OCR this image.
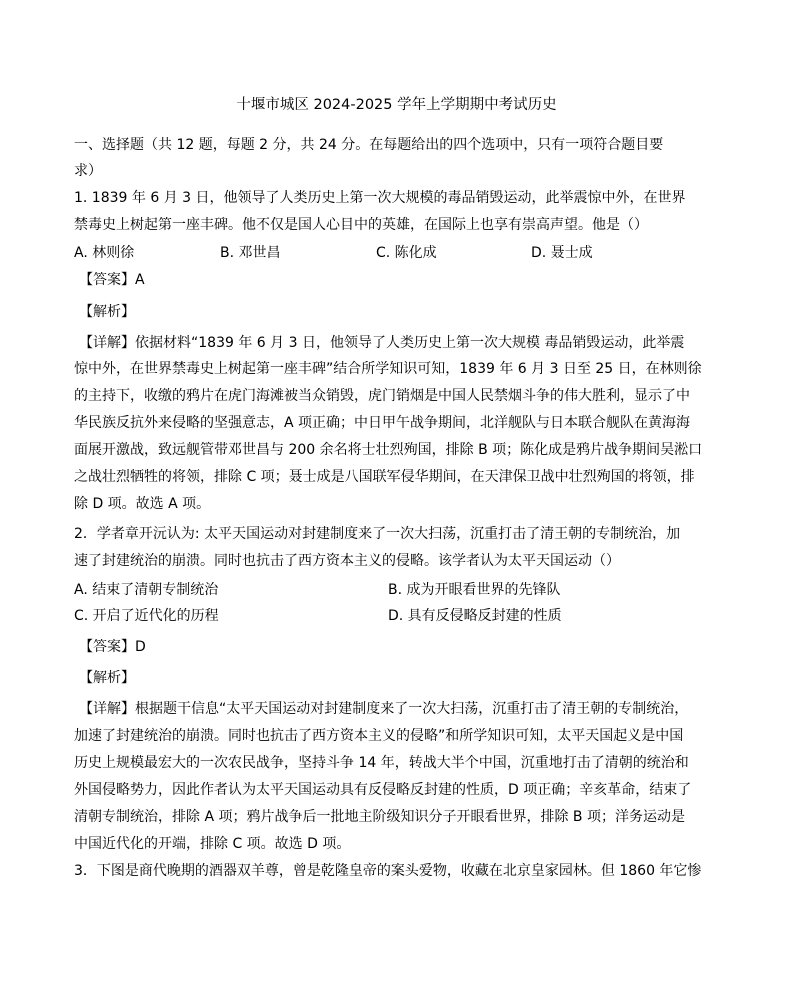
十堰市城区 2024-2025 学年上学期期中考试历史
一、选择题（共 12 题，每题 2 分，共 24 分。在每题给出的四个选项中，只有一项符合题目要
求）
1. 1839 年 6 月 3 日，他领导了人类历史上第一次大规模的毒品销毁运动，此举震惊中外，在世界
禁毒史上树起第一座丰碑。他不仅是国人心目中的英雄，在国际上也享有崇高声望。他是（）
A. 林则徐	B. 邓世昌	C. 陈化成	D. 聂士成
【答案】A
【解析】
【详解】依据材料“1839 年 6 月 3 日，他领导了人类历史上第一次大规模 毒品销毁运动，此举震
惊中外，在世界禁毒史上树起第一座丰碑”结合所学知识可知，1839 年 6 月 3 日至 25 日，在林则徐
的主持下，收缴的鸦片在虎门海滩被当众销毁，虎门销烟是中国人民禁烟斗争的伟大胜利，显示了中
华民族反抗外来侵略的坚强意志，A 项正确；中日甲午战争期间，北洋舰队与日本联合舰队在黄海海
面展开激战，致远舰管带邓世昌与 200 余名将士壮烈殉国，排除 B 项；陈化成是鸦片战争期间吴淞口
之战壮烈牺牲的将领，排除 C 项；聂士成是八国联军侵华期间，在天津保卫战中壮烈殉国的将领，排
除 D 项。故选 A 项。
2．学者章开沅认为: 太平天国运动对封建制度来了一次大扫荡，沉重打击了清王朝的专制统治，加
速了封建统治的崩溃。同时也抗击了西方资本主义的侵略。该学者认为太平天国运动（）
A. 结束了清朝专制统治	B. 成为开眼看世界的先锋队
C. 开启了近代化的历程	D. 具有反侵略反封建的性质
【答案】D
【解析】
【详解】根据题干信息“太平天国运动对封建制度来了一次大扫荡，沉重打击了清王朝的专制统治，
加速了封建统治的崩溃。同时也抗击了西方资本主义的侵略”和所学知识可知，太平天国起义是中国
历史上规模最宏大的一次农民战争，坚持斗争 14 年，转战大半个中国，沉重地打击了清朝的统治和
外国侵略势力，因此作者认为太平天国运动具有反侵略反封建的性质，D 项正确；辛亥革命，结束了
清朝专制统治，排除 A 项；鸦片战争后一批地主阶级知识分子开眼看世界，排除 B 项；洋务运动是
中国近代化的开端，排除 C 项。故选 D 项。
3．下图是商代晚期的酒器双羊尊，曾是乾隆皇帝的案头爱物，收藏在北京皇家园林。但 1860 年它惨
